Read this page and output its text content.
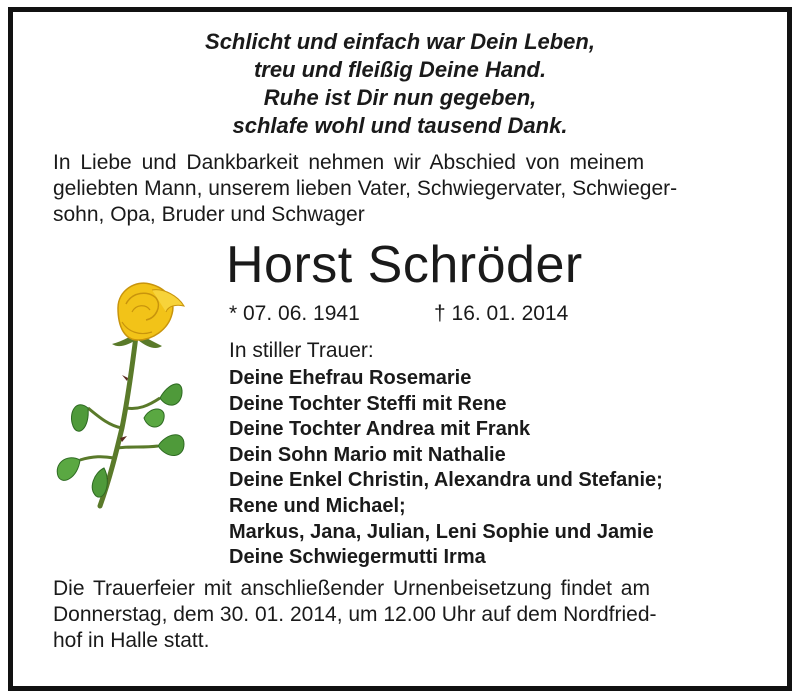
Schlicht und einfach war Dein Leben,
treu und fleißig Deine Hand.
Ruhe ist Dir nun gegeben,
schlafe wohl und tausend Dank.
In Liebe und Dankbarkeit nehmen wir Abschied von meinem
geliebten Mann, unserem lieben Vater, Schwiegervater, Schwieger-
sohn, Opa, Bruder und Schwager
Horst Schröder
* 07. 06. 1941	† 16. 01. 2014
In stiller Trauer:
Deine Ehefrau Rosemarie
Deine Tochter Steffi mit Rene
Deine Tochter Andrea mit Frank
Dein Sohn Mario mit Nathalie
Deine Enkel Christin, Alexandra und Stefanie;
Rene und Michael;
Markus, Jana, Julian, Leni Sophie und Jamie
Deine Schwiegermutti Irma
Die Trauerfeier mit anschließender Urnenbeisetzung findet am
Donnerstag, dem 30. 01. 2014, um 12.00 Uhr auf dem Nordfried-
hof in Halle statt.
